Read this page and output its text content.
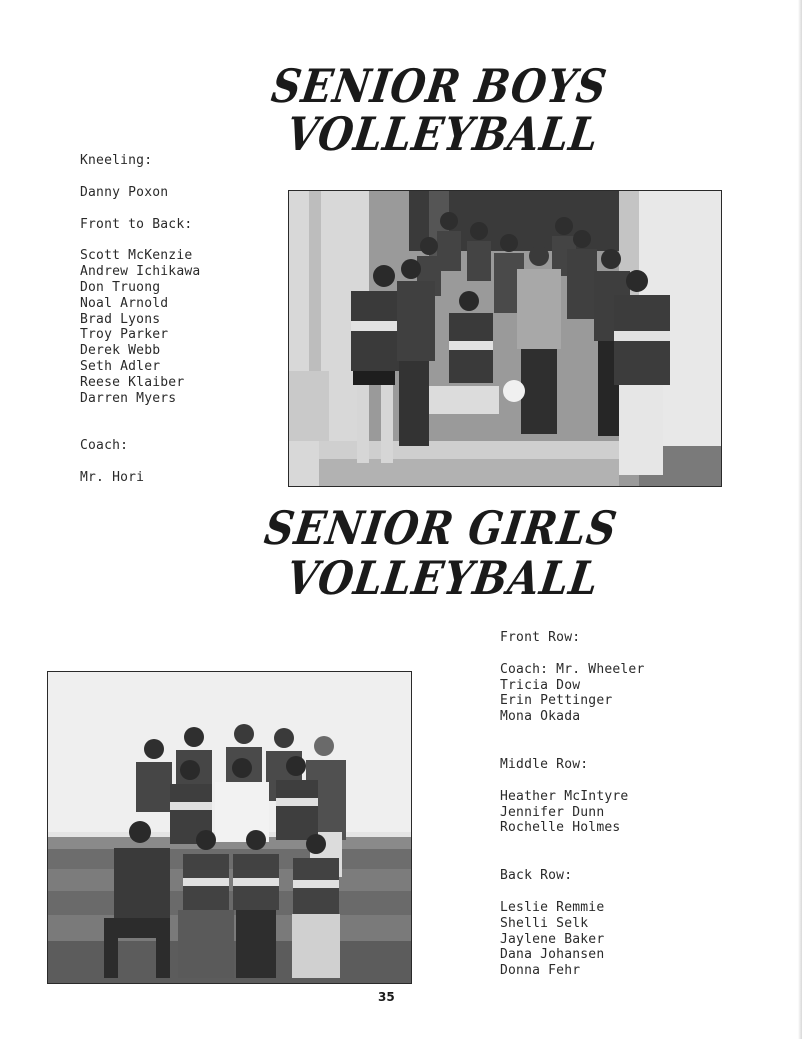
SENIOR BOYS
VOLLEYBALL
Kneeling:
Danny Poxon
Front to Back:
Scott McKenzie
Andrew Ichikawa
Don Truong
Noal Arnold
Brad Lyons
Troy Parker
Derek Webb
Seth Adler
Reese Klaiber
Darren Myers
Coach:
Mr. Hori
SENIOR GIRLS
VOLLEYBALL
Front Row:
Coach: Mr. Wheeler
Tricia Dow
Erin Pettinger
Mona Okada
Middle Row:
Heather McIntyre
Jennifer Dunn
Rochelle Holmes
Back Row:
Leslie Remmie
Shelli Selk
Jaylene Baker
Dana Johansen
Donna Fehr
35
